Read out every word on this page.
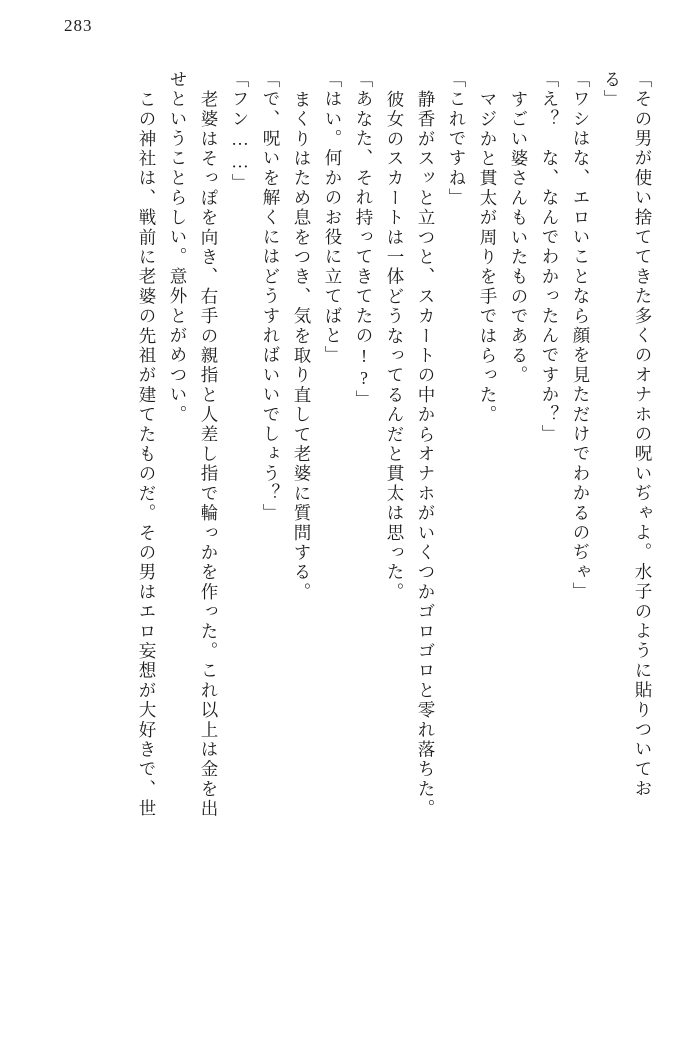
283
「その男が使い捨ててきた多くのオナホの呪いぢゃよ。水子のように貼りついてお
る」
「ワシはな、エロいことなら顔を見ただけでわかるのぢゃ」
「え？　な、なんでわかったんですか？」
すごい婆さんもいたものである。
マジかと貫太が周りを手ではらった。
「これですね」
静香がスッと立つと、スカートの中からオナホがいくつかゴロゴロと零れ落ちた。
彼女のスカートは一体どうなってるんだと貫太は思った。
「あなた、それ持ってきてたの!?」
「はい。何かのお役に立てばと」
まくりはため息をつき、気を取り直して老婆に質問する。
「で、呪いを解くにはどうすればいいでしょう？」
「フン……」
老婆はそっぽを向き、右手の親指と人差し指で輪っかを作った。これ以上は金を出
せということらしい。意外とがめつい。
この神社は、戦前に老婆の先祖が建てたものだ。その男はエロ妄想が大好きで、世
